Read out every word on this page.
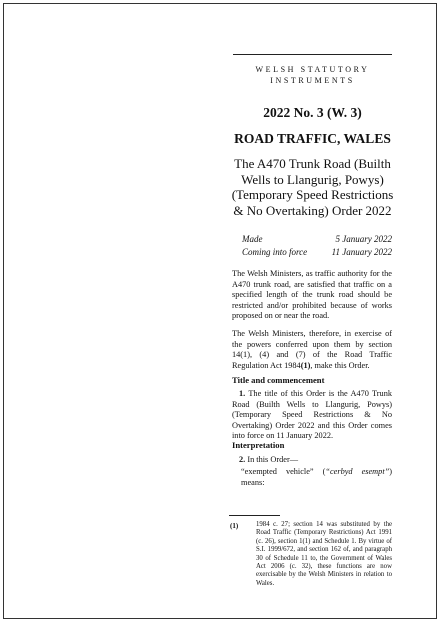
WELSH STATUTORY
INSTRUMENTS
2022 No. 3 (W. 3)
ROAD TRAFFIC, WALES
The A470 Trunk Road (Builth Wells to Llangurig, Powys) (Temporary Speed Restrictions & No Overtaking) Order 2022
Made	5 January 2022
Coming into force	11 January 2022
The Welsh Ministers, as traffic authority for the A470 trunk road, are satisfied that traffic on a specified length of the trunk road should be restricted and/or prohibited because of works proposed on or near the road.
The Welsh Ministers, therefore, in exercise of the powers conferred upon them by section 14(1), (4) and (7) of the Road Traffic Regulation Act 1984(1), make this Order.
Title and commencement
1. The title of this Order is the A470 Trunk Road (Builth Wells to Llangurig, Powys) (Temporary Speed Restrictions & No Overtaking) Order 2022 and this Order comes into force on 11 January 2022.
Interpretation
2. In this Order—
“exempted vehicle” (“cerbyd esempt”) means:
(1)	1984 c. 27; section 14 was substituted by the Road Traffic (Temporary Restrictions) Act 1991 (c. 26), section 1(1) and Schedule 1. By virtue of S.I. 1999/672, and section 162 of, and paragraph 30 of Schedule 11 to, the Government of Wales Act 2006 (c. 32), these functions are now exercisable by the Welsh Ministers in relation to Wales.
